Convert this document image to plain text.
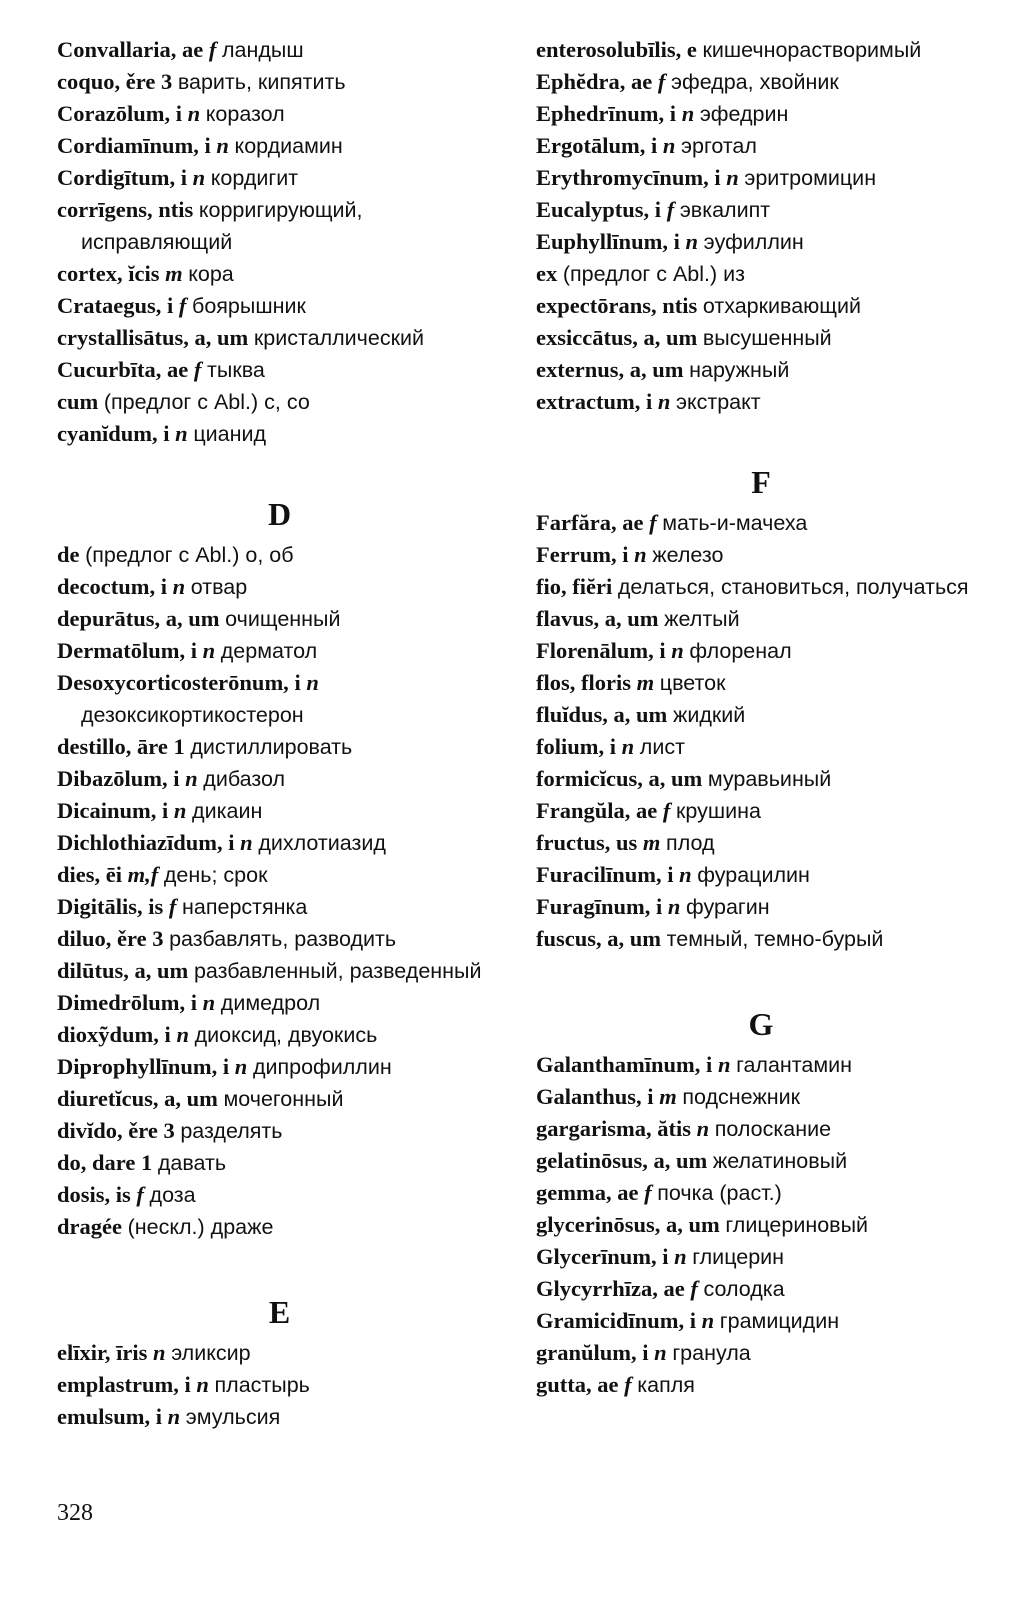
Convallaria, ae f ландыш
coquo, ěre 3 варить, кипятить
Corazōlum, i n коразол
Cordiamīnum, i n кордиамин
Cordigītum, i n кордигит
corrīgens, ntis корригирующий, исправляющий
cortex, ĭcis m кора
Crataegus, i f боярышник
crystallisātus, a, um кристаллический
Cucurbīta, ae f тыква
cum (предлог с Abl.) с, со
cyanĭdum, i n цианид
D
de (предлог с Abl.) о, об
decoctum, i n отвар
depurātus, a, um очищенный
Dermatōlum, i n дерматол
Desoxycorticosterōnum, i n дезоксикортикостерон
destillo, āre 1 дистиллировать
Dibazōlum, i n дибазол
Dicainum, i n дикаин
Dichlothiazīdum, i n дихлотиазид
dies, ēi m,f день; срок
Digitālis, is f наперстянка
diluo, ěre 3 разбавлять, разводить
dilūtus, a, um разбавленный, разведенный
Dimedrōlum, i n димедрол
dioxỹdum, i n диоксид, двуокись
Diprophyllīnum, i n дипрофиллин
diuretĭcus, a, um мочегонный
divĭdo, ěre 3 разделять
do, dare 1 давать
dosis, is f доза
dragée (нескл.) драже
E
elīxir, īris n эликсир
emplastrum, i n пластырь
emulsum, i n эмульсия
enterosolubīlis, e кишечнорастворимый
Ephĕdra, ae f эфедра, хвойник
Ephedrīnum, i n эфедрин
Ergotālum, i n эрготал
Erythromycīnum, i n эритромицин
Eucalyptus, i f эвкалипт
Euphyllīnum, i n эуфиллин
ex (предлог с Abl.) из
expectōrans, ntis отхаркивающий
exsiccātus, a, um высушенный
externus, a, um наружный
extractum, i n экстракт
F
Farfăra, ae f мать-и-мачеха
Ferrum, i n железо
fio, fiĕri делаться, становиться, получаться
flavus, a, um желтый
Florenālum, i n флоренал
flos, floris m цветок
fluĭdus, a, um жидкий
folium, i n лист
formicĭcus, a, um муравьиный
Frangŭla, ae f крушина
fructus, us m плод
Furacilīnum, i n фурацилин
Furagīnum, i n фурагин
fuscus, a, um темный, темно-бурый
G
Galanthamīnum, i n галантамин
Galanthus, i m подснежник
gargarisma, ătis n полоскание
gelatinōsus, a, um желатиновый
gemma, ae f почка (раст.)
glycerinōsus, a, um глицериновый
Glycerīnum, i n глицерин
Glycyrrhīza, ae f солодка
Gramicidīnum, i n грамицидин
granŭlum, i n гранула
gutta, ae f капля
328
